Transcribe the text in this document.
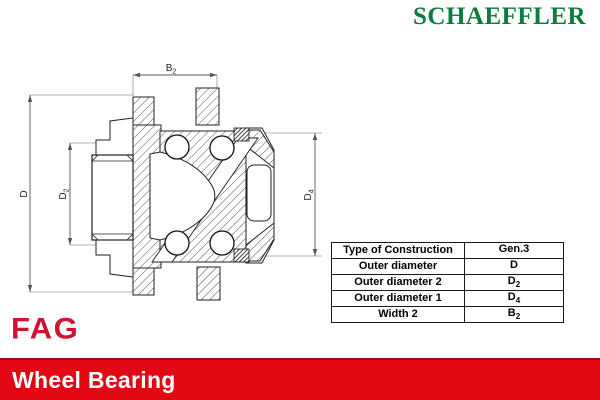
SCHAEFFLER
$B_2$
D	$D_2$
$D_4$
Type of Construction	Gen.3
Outer diameter	D
Outer diameter 2	$D_2$
Outer diameter 1	$D_4$
Width 2	$B_2$
FAG
Wheel Bearing
